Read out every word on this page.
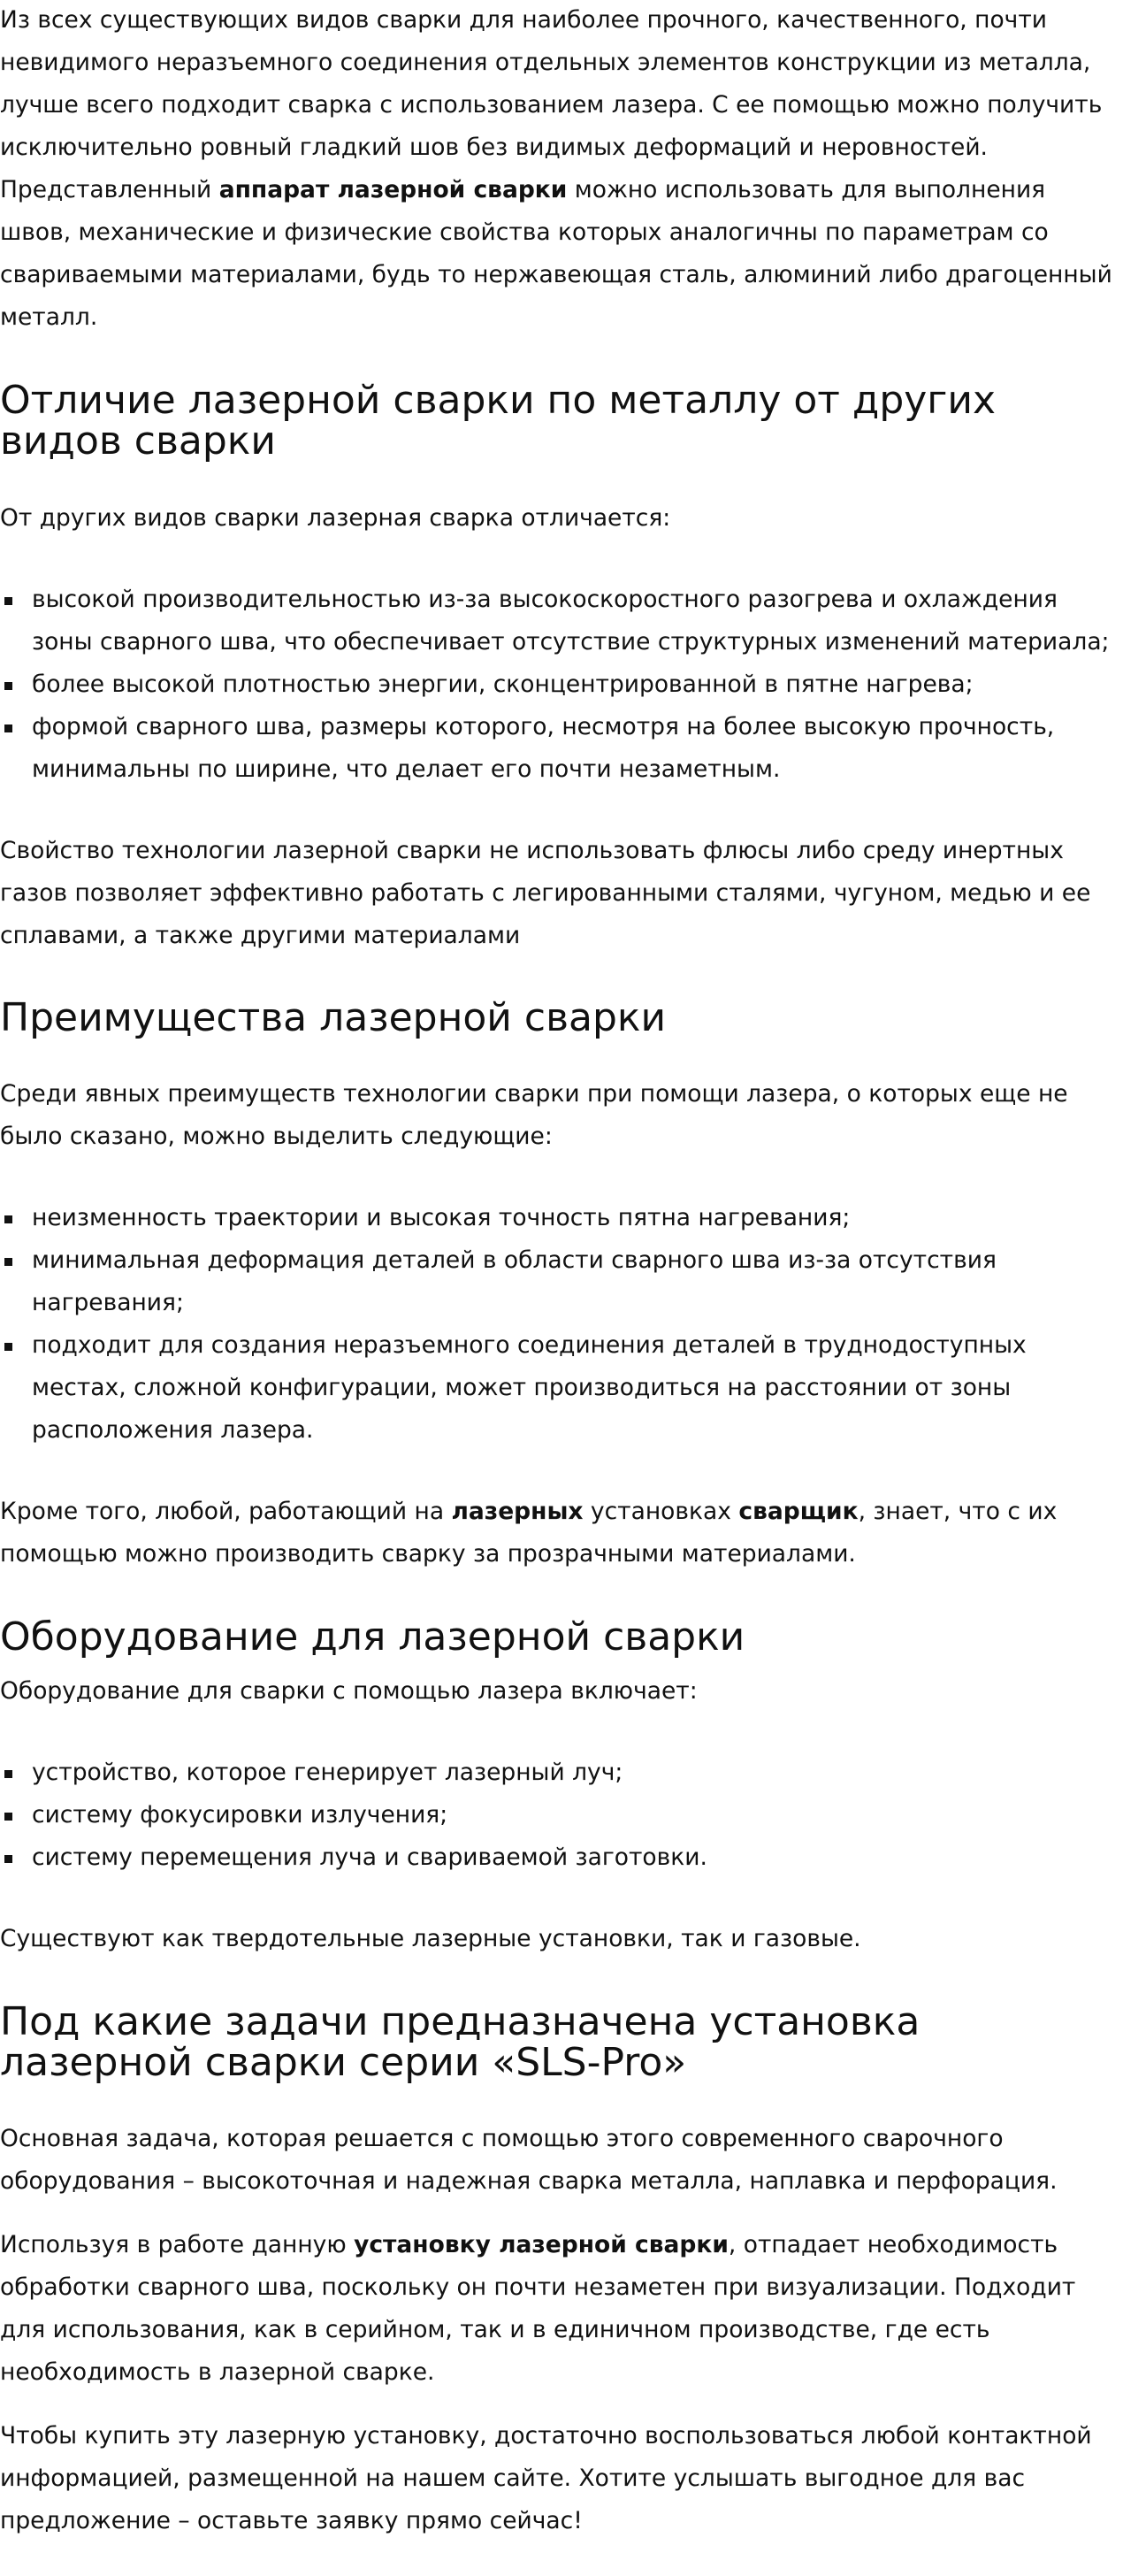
Из всех существующих видов сварки для наиболее прочного, качественного, почти невидимого неразъемного соединения отдельных элементов конструкции из металла, лучше всего подходит сварка с использованием лазера. С ее помощью можно получить исключительно ровный гладкий шов без видимых деформаций и неровностей. Представленный аппарат лазерной сварки можно использовать для выполнения швов, механические и физические свойства которых аналогичны по параметрам со свариваемыми материалами, будь то нержавеющая сталь, алюминий либо драгоценный металл.

Отличие лазерной сварки по металлу от других видов сварки

От других видов сварки лазерная сварка отличается:

высокой производительностью из-за высокоскоростного разогрева и охлаждения зоны сварного шва, что обеспечивает отсутствие структурных изменений материала;
более высокой плотностью энергии, сконцентрированной в пятне нагрева;
формой сварного шва, размеры которого, несмотря на более высокую прочность, минимальны по ширине, что делает его почти незаметным.

Свойство технологии лазерной сварки не использовать флюсы либо среду инертных газов позволяет эффективно работать с легированными сталями, чугуном, медью и ее сплавами, а также другими материалами

Преимущества лазерной сварки

Среди явных преимуществ технологии сварки при помощи лазера, о которых еще не было сказано, можно выделить следующие:

неизменность траектории и высокая точность пятна нагревания;
минимальная деформация деталей в области сварного шва из-за отсутствия нагревания;
подходит для создания неразъемного соединения деталей в труднодоступных местах, сложной конфигурации, может производиться на расстоянии от зоны расположения лазера.

Кроме того, любой, работающий на лазерных установках сварщик, знает, что с их помощью можно производить сварку за прозрачными материалами.

Оборудование для лазерной сварки

Оборудование для сварки с помощью лазера включает:

устройство, которое генерирует лазерный луч;
систему фокусировки излучения;
систему перемещения луча и свариваемой заготовки.

Существуют как твердотельные лазерные установки, так и газовые.

Под какие задачи предназначена установка лазерной сварки серии «SLS-Pro»

Основная задача, которая решается с помощью этого современного сварочного оборудования – высокоточная и надежная сварка металла, наплавка и перфорация.

Используя в работе данную установку лазерной сварки, отпадает необходимость обработки сварного шва, поскольку он почти незаметен при визуализации. Подходит для использования, как в серийном, так и в единичном производстве, где есть необходимость в лазерной сварке.

Чтобы купить эту лазерную установку, достаточно воспользоваться любой контактной информацией, размещенной на нашем сайте. Хотите услышать выгодное для вас предложение – оставьте заявку прямо сейчас!
